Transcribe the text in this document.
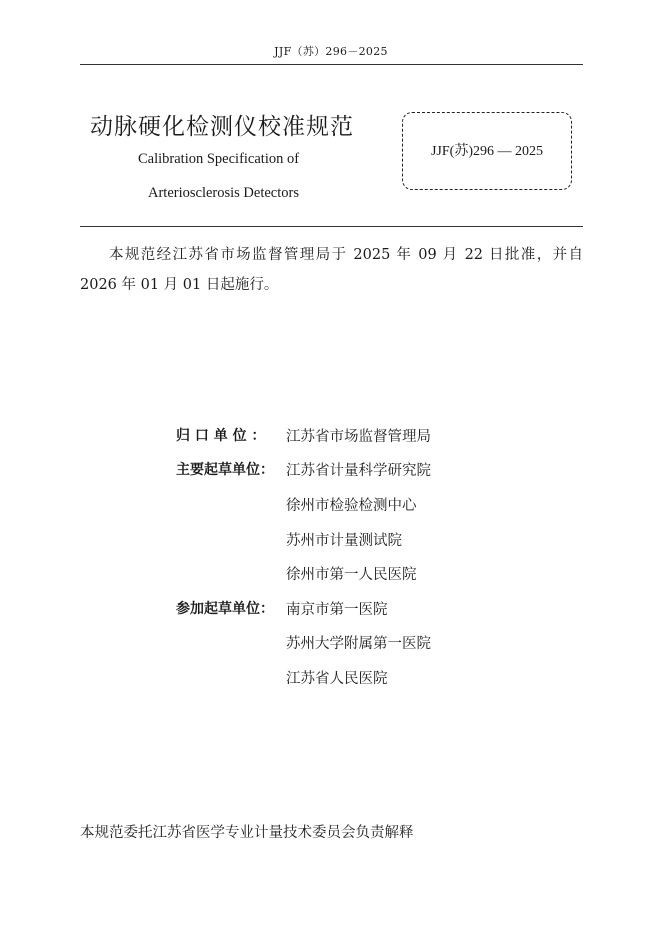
JJF（苏）296－2025
动脉硬化检测仪校准规范
Calibration Specification of
Arteriosclerosis Detectors
JJF(苏)296 — 2025
本规范经江苏省市场监督管理局于 2025 年 09 月 22 日批准，并自 2026 年 01 月 01 日起施行。
归 口 单 位 ：	江苏省市场监督管理局
主要起草单位： 江苏省计量科学研究院
徐州市检验检测中心
苏州市计量测试院
徐州市第一人民医院
参加起草单位： 南京市第一医院
苏州大学附属第一医院
江苏省人民医院
本规范委托江苏省医学专业计量技术委员会负责解释
